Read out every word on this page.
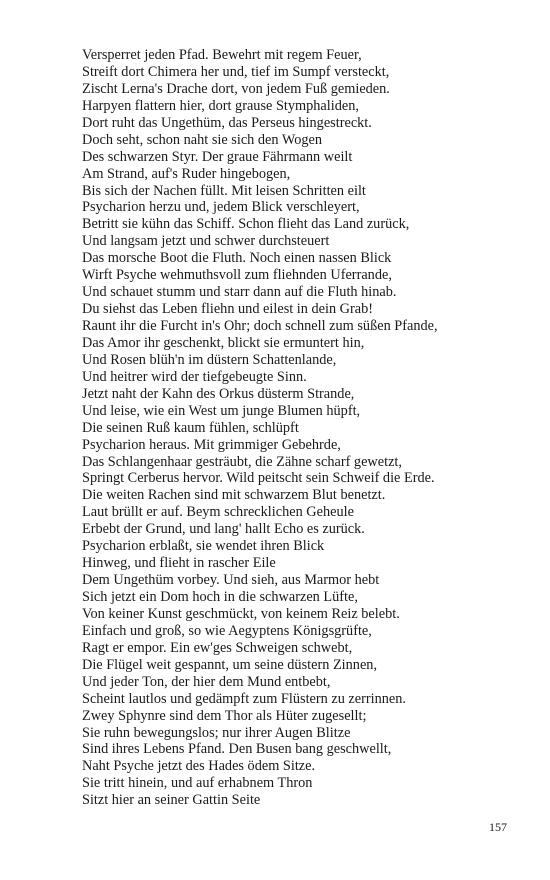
Versperret jeden Pfad. Bewehrt mit regem Feuer,
Streift dort Chimera her und, tief im Sumpf versteckt,
Zischt Lerna's Drache dort, von jedem Fuß gemieden.
Harpyen flattern hier, dort grause Stymphaliden,
Dort ruht das Ungethüm, das Perseus hingestreckt.
Doch seht, schon naht sie sich den Wogen
Des schwarzen Styr. Der graue Fährmann weilt
Am Strand, auf's Ruder hingebogen,
Bis sich der Nachen füllt. Mit leisen Schritten eilt
Psycharion herzu und, jedem Blick verschleyert,
Betritt sie kühn das Schiff. Schon flieht das Land zurück,
Und langsam jetzt und schwer durchsteuert
Das morsche Boot die Fluth. Noch einen nassen Blick
Wirft Psyche wehmuthsvoll zum fliehnden Uferrande,
Und schauet stumm und starr dann auf die Fluth hinab.
Du siehst das Leben fliehn und eilest in dein Grab!
Raunt ihr die Furcht in's Ohr; doch schnell zum süßen Pfande,
Das Amor ihr geschenkt, blickt sie ermuntert hin,
Und Rosen blüh'n im düstern Schattenlande,
Und heitrer wird der tiefgebeugte Sinn.
Jetzt naht der Kahn des Orkus düsterm Strande,
Und leise, wie ein West um junge Blumen hüpft,
Die seinen Ruß kaum fühlen, schlüpft
Psycharion heraus. Mit grimmiger Gebehrde,
Das Schlangenhaar gesträubt, die Zähne scharf gewetzt,
Springt Cerberus hervor. Wild peitscht sein Schweif die Erde.
Die weiten Rachen sind mit schwarzem Blut benetzt.
Laut brüllt er auf. Beym schrecklichen Geheule
Erbebt der Grund, und lang' hallt Echo es zurück.
Psycharion erblaßt, sie wendet ihren Blick
Hinweg, und flieht in rascher Eile
Dem Ungethüm vorbey. Und sieh, aus Marmor hebt
Sich jetzt ein Dom hoch in die schwarzen Lüfte,
Von keiner Kunst geschmückt, von keinem Reiz belebt.
Einfach und groß, so wie Aegyptens Königsgrüfte,
Ragt er empor. Ein ew'ges Schweigen schwebt,
Die Flügel weit gespannt, um seine düstern Zinnen,
Und jeder Ton, der hier dem Mund entbebt,
Scheint lautlos und gedämpft zum Flüstern zu zerrinnen.
Zwey Sphynre sind dem Thor als Hüter zugesellt;
Sie ruhn bewegungslos; nur ihrer Augen Blitze
Sind ihres Lebens Pfand. Den Busen bang geschwellt,
Naht Psyche jetzt des Hades ödem Sitze.
Sie tritt hinein, und auf erhabnem Thron
Sitzt hier an seiner Gattin Seite
157
